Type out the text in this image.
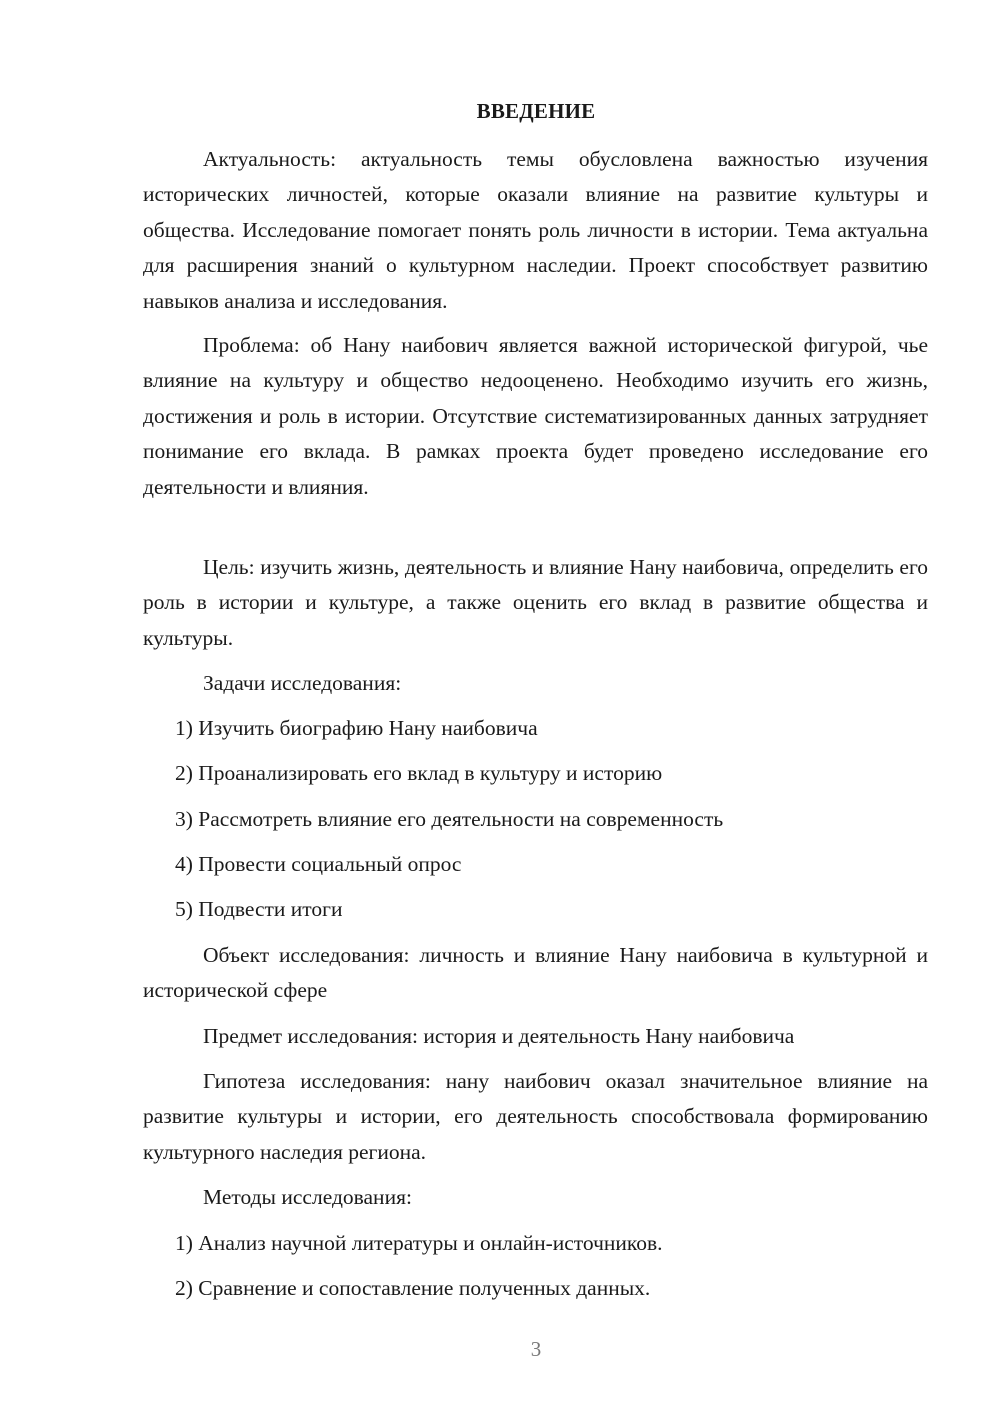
ВВЕДЕНИЕ

Актуальность: актуальность темы обусловлена важностью изучения исторических личностей, которые оказали влияние на развитие культуры и общества. Исследование помогает понять роль личности в истории. Тема актуальна для расширения знаний о культурном наследии. Проект способствует развитию навыков анализа и исследования.

Проблема: об Нану наибович является важной исторической фигурой, чье влияние на культуру и общество недооценено. Необходимо изучить его жизнь, достижения и роль в истории. Отсутствие систематизированных данных затрудняет понимание его вклада. В рамках проекта будет проведено исследование его деятельности и влияния.

Цель: изучить жизнь, деятельность и влияние Нану наибовича, определить его роль в истории и культуре, а также оценить его вклад в развитие общества и культуры.

Задачи исследования:

1) Изучить биографию Нану наибовича

2) Проанализировать его вклад в культуру и историю

3) Рассмотреть влияние его деятельности на современность

4) Провести социальный опрос

5) Подвести итоги

Объект исследования: личность и влияние Нану наибовича в культурной и исторической сфере

Предмет исследования: история и деятельность Нану наибовича

Гипотеза исследования: нану наибович оказал значительное влияние на развитие культуры и истории, его деятельность способствовала формированию культурного наследия региона.

Методы исследования:

1) Анализ научной литературы и онлайн-источников.

2) Сравнение и сопоставление полученных данных.

3
